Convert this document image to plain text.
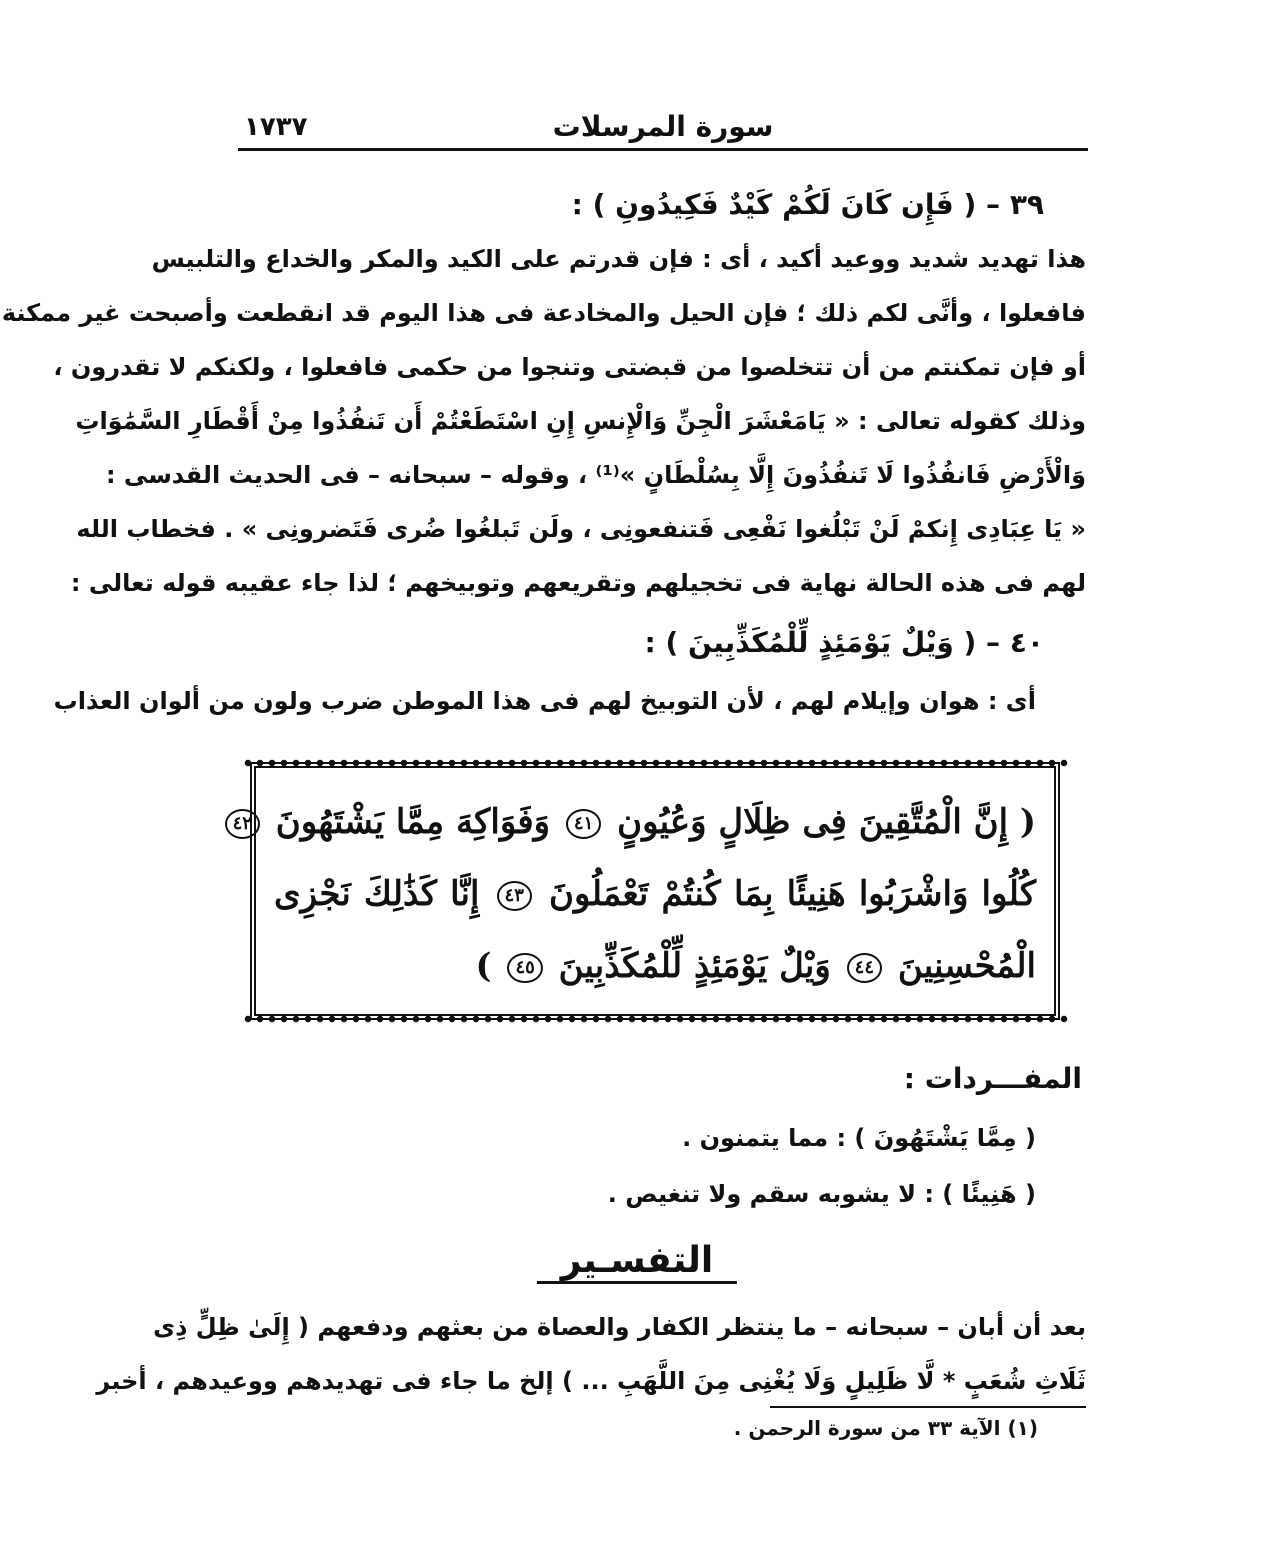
١٧٣٧	سورة المرسلات
٣٩ – ( فَإِن كَانَ لَكُمْ كَيْدٌ فَكِيدُونِ ) :
هذا تهديد شديد ووعيد أكيد ، أى : فإن قدرتم على الكيد والمكر والخداع والتلبيس
فافعلوا ، وأنَّى لكم ذلك ؛ فإن الحيل والمخادعة فى هذا اليوم قد انقطعت وأصبحت غير ممكنة
أو فإن تمكنتم من أن تتخلصوا من قبضتى وتنجوا من حكمى فافعلوا ، ولكنكم لا تقدرون ،
وذلك كقوله تعالى : « يَامَعْشَرَ الْجِنِّ وَالْإِنسِ إِنِ اسْتَطَعْتُمْ أَن تَنفُذُوا مِنْ أَقْطَارِ السَّمَٰوَاتِ
وَالْأَرْضِ فَانفُذُوا لَا تَنفُذُونَ إِلَّا بِسُلْطَانٍ »⁽¹⁾ ، وقوله – سبحانه – فى الحديث القدسى :
« يَا عِبَادِى إِنكمْ لَنْ تَبْلُغوا نَفْعِى فَتنفعونِى ، ولَن تَبلغُوا ضُرى فَتَضرونِى » . فخطاب الله
لهم فى هذه الحالة نهاية فى تخجيلهم وتقريعهم وتوبيخهم ؛ لذا جاء عقيبه قوله تعالى :
٤٠ – ( وَيْلٌ يَوْمَئِذٍ لِّلْمُكَذِّبِينَ ) :
أى : هوان وإيلام لهم ، لأن التوبيخ لهم فى هذا الموطن ضرب ولون من ألوان العذاب
( إِنَّ الْمُتَّقِينَ فِى ظِلَالٍ وَعُيُونٍ ٤١ وَفَوَاكِهَ مِمَّا يَشْتَهُونَ ٤٢
كُلُوا وَاشْرَبُوا هَنِيئًا بِمَا كُنتُمْ تَعْمَلُونَ ٤٣ إِنَّا كَذَٰلِكَ نَجْزِى
الْمُحْسِنِينَ ٤٤ وَيْلٌ يَوْمَئِذٍ لِّلْمُكَذِّبِينَ ٤٥ )
المفـــردات :
( مِمَّا يَشْتَهُونَ ) : مما يتمنون .
( هَنِيئًا ) : لا يشوبه سقم ولا تنغيص .
التفسـير
بعد أن أبان – سبحانه – ما ينتظر الكفار والعصاة من بعثهم ودفعهم ( إِلَىٰ ظِلٍّ ذِى
ثَلَاثِ شُعَبٍ * لَّا ظَلِيلٍ وَلَا يُغْنِى مِنَ اللَّهَبِ ... ) إلخ ما جاء فى تهديدهم ووعيدهم ، أخبر
(١) الآية ٣٣ من سورة الرحمن .
